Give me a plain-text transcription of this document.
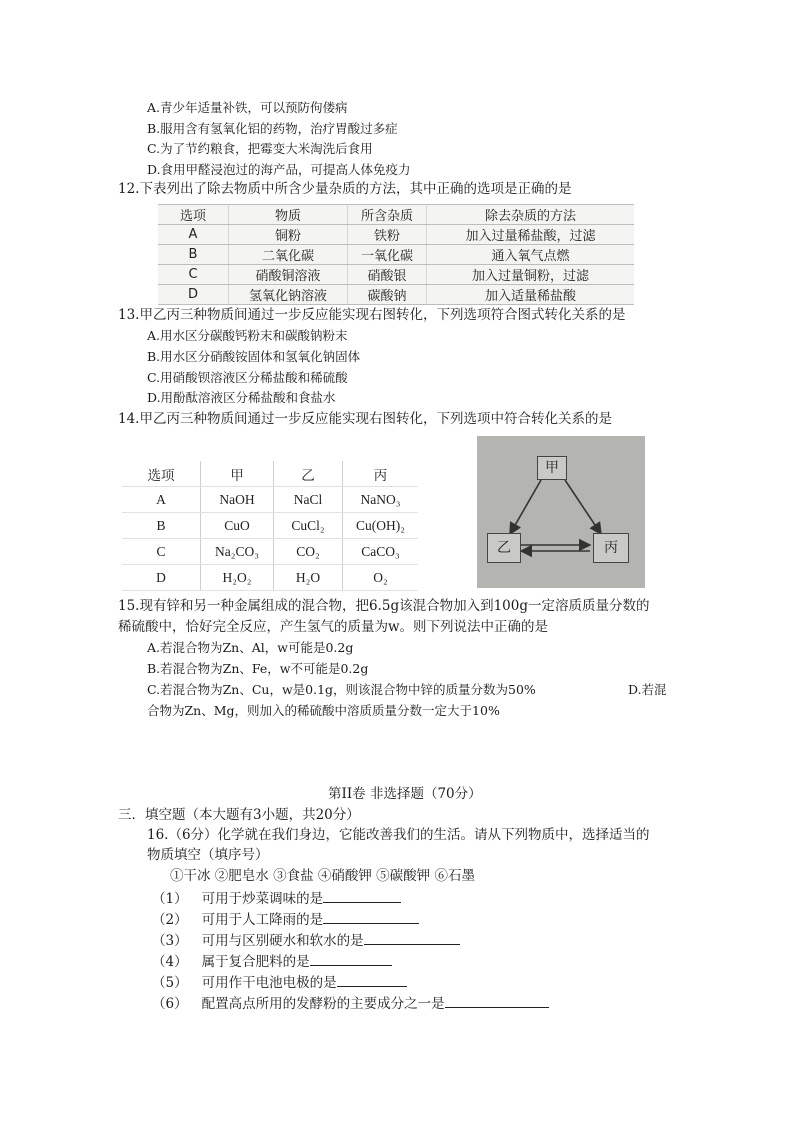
A.青少年适量补铁，可以预防佝偻病
B.服用含有氢氧化铝的药物，治疗胃酸过多症
C.为了节约粮食，把霉变大米淘洗后食用
D.食用甲醛浸泡过的海产品，可提高人体免疫力
12.下表列出了除去物质中所含少量杂质的方法，其中正确的选项是正确的是
选项	物质	所含杂质	除去杂质的方法
A	铜粉	铁粉	加入过量稀盐酸，过滤
B	二氧化碳	一氧化碳	通入氧气点燃
C	硝酸铜溶液	硝酸银	加入过量铜粉，过滤
D	氢氧化钠溶液	碳酸钠	加入适量稀盐酸
13.甲乙丙三种物质间通过一步反应能实现右图转化，下列选项符合图式转化关系的是
A.用水区分碳酸钙粉末和碳酸钠粉末
B.用水区分硝酸铵固体和氢氧化钠固体
C.用硝酸钡溶液区分稀盐酸和稀硫酸
D.用酚酞溶液区分稀盐酸和食盐水
14.甲乙丙三种物质间通过一步反应能实现右图转化，下列选项中符合转化关系的是
选项	甲	乙	丙
A	NaOH	NaCl	NaNO₃
B	CuO	CuCl₂	Cu(OH)₂
C	Na₂CO₃	CO₂	CaCO₃
D	H₂O₂	H₂O	O₂
甲
乙	丙
15.现有锌和另一种金属组成的混合物，把6.5g该混合物加入到100g一定溶质质量分数的
稀硫酸中，恰好完全反应，产生氢气的质量为w。则下列说法中正确的是
A.若混合物为Zn、Al，w可能是0.2g
B.若混合物为Zn、Fe，w不可能是0.2g
C.若混合物为Zn、Cu，w是0.1g，则该混合物中锌的质量分数为50%	D.若混
合物为Zn、Mg，则加入的稀硫酸中溶质质量分数一定大于10%
第II卷 非选择题（70分）
三．填空题（本大题有3小题，共20分）
16.（6分）化学就在我们身边，它能改善我们的生活。请从下列物质中，选择适当的
物质填空（填序号）
①干冰 ②肥皂水 ③食盐 ④硝酸钾 ⑤碳酸钾 ⑥石墨
（1） 可用于炒菜调味的是
（2） 可用于人工降雨的是
（3） 可用与区别硬水和软水的是
（4） 属于复合肥料的是
（5） 可用作干电池电极的是
（6） 配置高点所用的发酵粉的主要成分之一是
